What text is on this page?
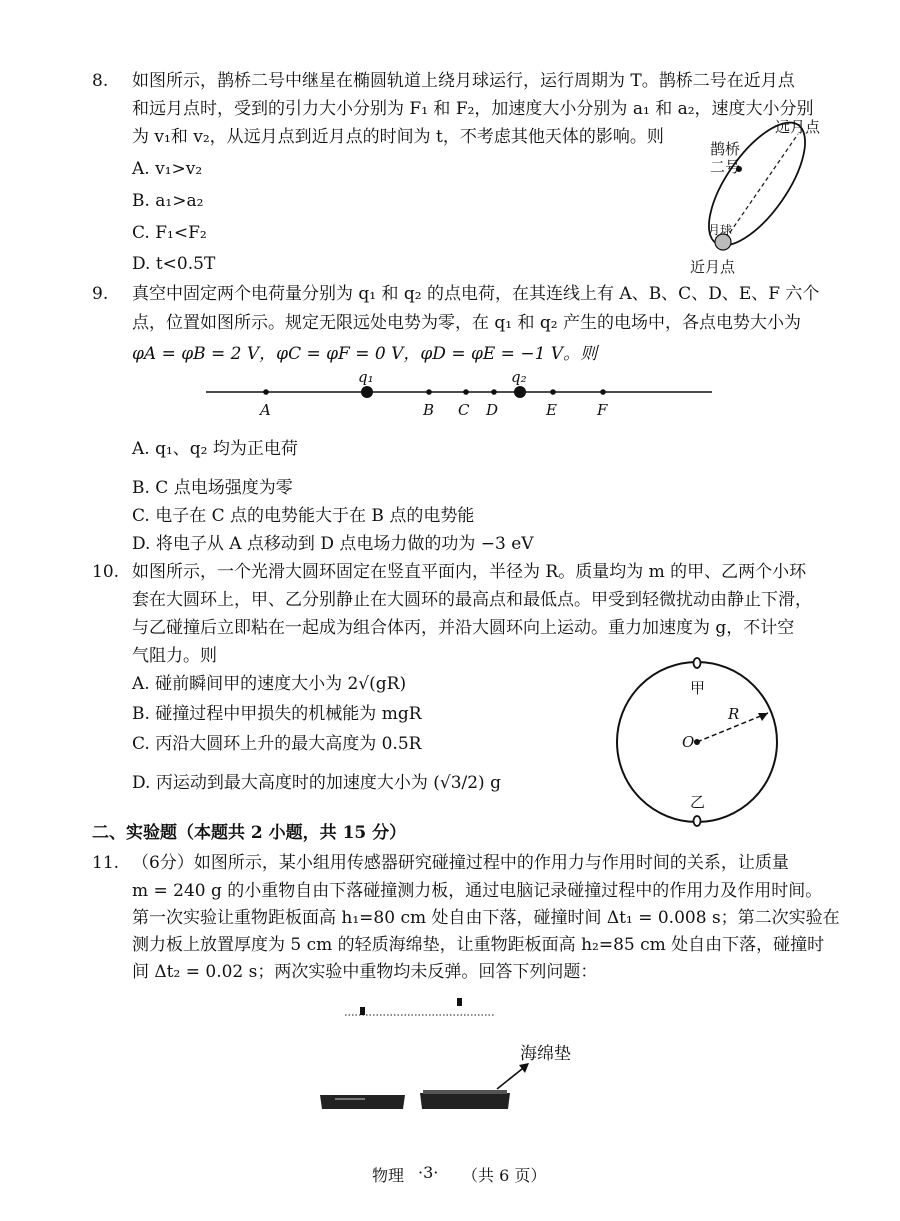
8. 如图所示，鹊桥二号中继星在椭圆轨道上绕月球运行，运行周期为 T。鹊桥二号在近月点
和远月点时，受到的引力大小分别为 F₁ 和 F₂，加速度大小分别为 a₁ 和 a₂，速度大小分别
为 v₁和 v₂，从远月点到近月点的时间为 t，不考虑其他天体的影响。则
A. v₁>v₂
B. a₁>a₂
C. F₁<F₂
D. t<0.5T
远月点
近月点
鹊桥
二号
月球
9. 真空中固定两个电荷量分别为 q₁ 和 q₂ 的点电荷，在其连线上有 A、B、C、D、E、F 六个
点，位置如图所示。规定无限远处电势为零，在 q₁ 和 q₂ 产生的电场中，各点电势大小为
φA = φB = 2 V，φC = φF = 0 V，φD = φE = −1 V。则
A
q₁
B C D
q₂
E	F
A. q₁、q₂ 均为正电荷
B. C 点电场强度为零
C. 电子在 C 点的电势能大于在 B 点的电势能
D. 将电子从 A 点移动到 D 点电场力做的功为 −3 eV
10. 如图所示，一个光滑大圆环固定在竖直平面内，半径为 R。质量均为 m 的甲、乙两个小环
套在大圆环上，甲、乙分别静止在大圆环的最高点和最低点。甲受到轻微扰动由静止下滑，
与乙碰撞后立即粘在一起成为组合体丙，并沿大圆环向上运动。重力加速度为 g，不计空
气阻力。则
A. 碰前瞬间甲的速度大小为 2√(gR)
B. 碰撞过程中甲损失的机械能为 mgR
C. 丙沿大圆环上升的最大高度为 0.5R
D. 丙运动到最大高度时的加速度大小为 (√3/2) g
甲
乙
O
R
二、实验题（本题共 2 小题，共 15 分）
11. （6分）如图所示，某小组用传感器研究碰撞过程中的作用力与作用时间的关系，让质量
m = 240 g 的小重物自由下落碰撞测力板，通过电脑记录碰撞过程中的作用力及作用时间。
第一次实验让重物距板面高 h₁=80 cm 处自由下落，碰撞时间 Δt₁ = 0.008 s；第二次实验在
测力板上放置厚度为 5 cm 的轻质海绵垫，让重物距板面高 h₂=85 cm 处自由下落，碰撞时
间 Δt₂ = 0.02 s；两次实验中重物均未反弹。回答下列问题：
海绵垫
物理 ·3· （共 6 页）
